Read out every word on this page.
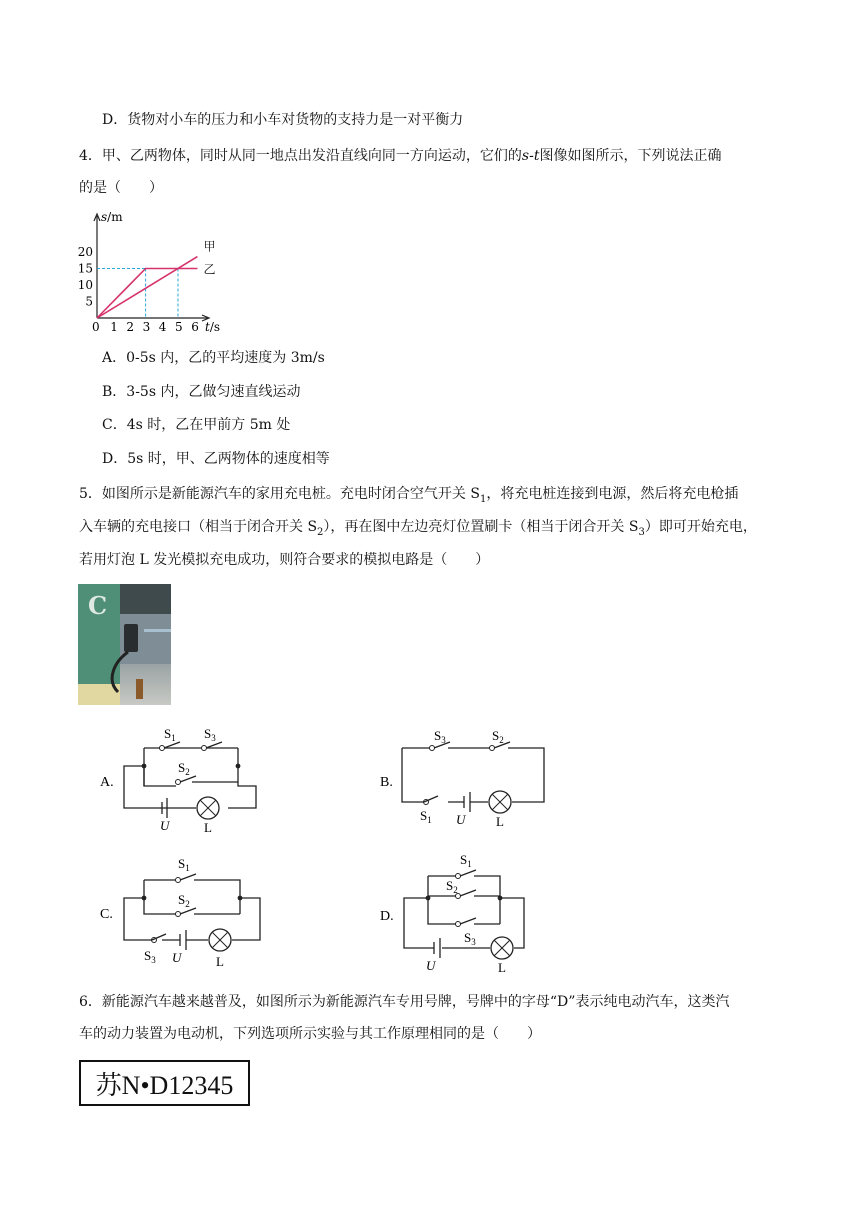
D．货物对小车的压力和小车对货物的支持力是一对平衡力
4．甲、乙两物体，同时从同一地点出发沿直线向同一方向运动，它们的s-t图像如图所示，下列说法正确
的是（　　）
甲
乙
0 1 2 3 4 5 6
5
10
15
20
s/m
t/s
A．0-5s 内，乙的平均速度为 3m/s
B．3-5s 内，乙做匀速直线运动
C．4s 时，乙在甲前方 5m 处
D．5s 时，甲、乙两物体的速度相等
5．如图所示是新能源汽车的家用充电桩。充电时闭合空气开关 $S_1$，将充电桩连接到电源，然后将充电枪插
入车辆的充电接口（相当于闭合开关 $S_2$），再在图中左边亮灯位置刷卡（相当于闭合开关 $S_3$）即可开始充电，
若用灯泡 L 发光模拟充电成功，则符合要求的模拟电路是（　　）
C
A.
$S_1$ $S_3$
$S_2$
U	L
B.
$S_3$	$S_2$
$S_1$ U L
C.
$S_1$
$S_2$
$S_3$ U	L
D.
$S_1$
$S_2$
$S_3$
U	L
6．新能源汽车越来越普及，如图所示为新能源汽车专用号牌，号牌中的字母“D”表示纯电动汽车，这类汽
车的动力装置为电动机，下列选项所示实验与其工作原理相同的是（　　）
苏N•D12345
